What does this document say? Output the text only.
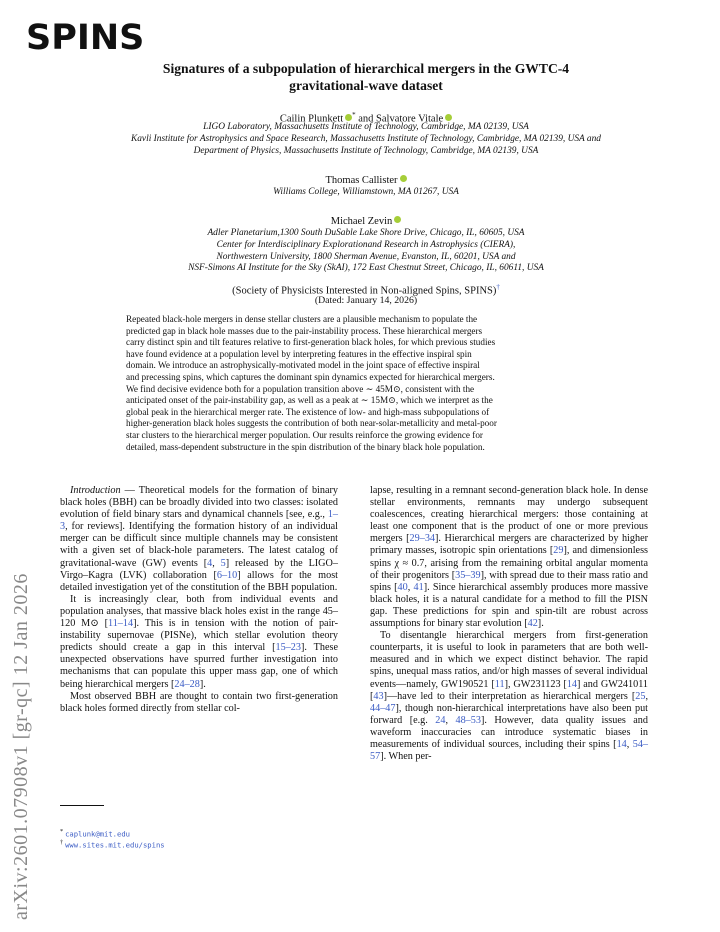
SPINS
arXiv:2601.07908v1 [gr-qc] 12 Jan 2026
Signatures of a subpopulation of hierarchical mergers in the GWTC-4
gravitational-wave dataset
Cailin Plunkett * and Salvatore Vitale
LIGO Laboratory, Massachusetts Institute of Technology, Cambridge, MA 02139, USA
Kavli Institute for Astrophysics and Space Research, Massachusetts Institute of Technology, Cambridge, MA 02139, USA and
Department of Physics, Massachusetts Institute of Technology, Cambridge, MA 02139, USA
Thomas Callister
Williams College, Williamstown, MA 01267, USA
Michael Zevin
Adler Planetarium,1300 South DuSable Lake Shore Drive, Chicago, IL, 60605, USA
Center for Interdisciplinary Explorationand Research in Astrophysics (CIERA),
Northwestern University, 1800 Sherman Avenue, Evanston, IL, 60201, USA and
NSF-Simons AI Institute for the Sky (SkAI), 172 East Chestnut Street, Chicago, IL, 60611, USA
(Society of Physicists Interested in Non-aligned Spins, SPINS)†
(Dated: January 14, 2026)
Repeated black-hole mergers in dense stellar clusters are a plausible mechanism to populate the
predicted gap in black hole masses due to the pair-instability process. These hierarchical mergers
carry distinct spin and tilt features relative to first-generation black holes, for which previous studies
have found evidence at a population level by interpreting features in the effective inspiral spin
domain. We introduce an astrophysically-motivated model in the joint space of effective inspiral
and precessing spins, which captures the dominant spin dynamics expected for hierarchical mergers.
We find decisive evidence both for a population transition above ∼ 45M⊙, consistent with the
anticipated onset of the pair-instability gap, as well as a peak at ∼ 15M⊙, which we interpret as the
global peak in the hierarchical merger rate. The existence of low- and high-mass subpopulations of
higher-generation black holes suggests the contribution of both near-solar-metallicity and metal-poor
star clusters to the hierarchical merger population. Our results reinforce the growing evidence for
detailed, mass-dependent substructure in the spin distribution of the binary black hole population.

Introduction — Theoretical models for the formation of binary black holes (BBH) can be broadly divided into two classes: isolated evolution of field binary stars and dynamical channels [see, e.g., 1–3, for reviews]. Identifying the formation history of an individual merger can be difficult since multiple channels may be consistent with a given set of black-hole parameters. The latest catalog of gravitational-wave (GW) events [4, 5] released by the LIGO–Virgo–Kagra (LVK) collaboration [6–10] allows for the most detailed investigation yet of the constitution of the BBH population.

It is increasingly clear, both from individual events and population analyses, that massive black holes exist in the range 45–120 M⊙ [11–14]. This is in tension with the notion of pair-instability supernovae (PISNe), which stellar evolution theory predicts should create a gap in this interval [15–23]. These unexpected observations have spurred further investigation into mechanisms that can populate this upper mass gap, one of which being hierarchical mergers [24–28].

Most observed BBH are thought to contain two first-generation black holes formed directly from stellar col-

lapse, resulting in a remnant second-generation black hole. In dense stellar environments, remnants may undergo subsequent coalescences, creating hierarchical mergers: those containing at least one component that is the product of one or more previous mergers [29–34]. Hierarchical mergers are characterized by higher primary masses, isotropic spin orientations [29], and dimensionless spins χ ≈ 0.7, arising from the remaining orbital angular momenta of their progenitors [35–39], with spread due to their mass ratio and spins [40, 41]. Since hierarchical assembly produces more massive black holes, it is a natural candidate for a method to fill the PISN gap. These predictions for spin and spin-tilt are robust across assumptions for binary star evolution [42].

To disentangle hierarchical mergers from first-generation counterparts, it is useful to look in parameters that are both well-measured and in which we expect distinct behavior. The rapid spins, unequal mass ratios, and/or high masses of several individual events—namely, GW190521 [11], GW231123 [14] and GW241011 [43]—have led to their interpretation as hierarchical mergers [25, 44–47], though non-hierarchical interpretations have also been put forward [e.g. 24, 48–53]. However, data quality issues and waveform inaccuracies can introduce systematic biases in measurements of individual sources, including their spins [14, 54–57]. When per-

* caplunk@mit.edu
† www.sites.mit.edu/spins
